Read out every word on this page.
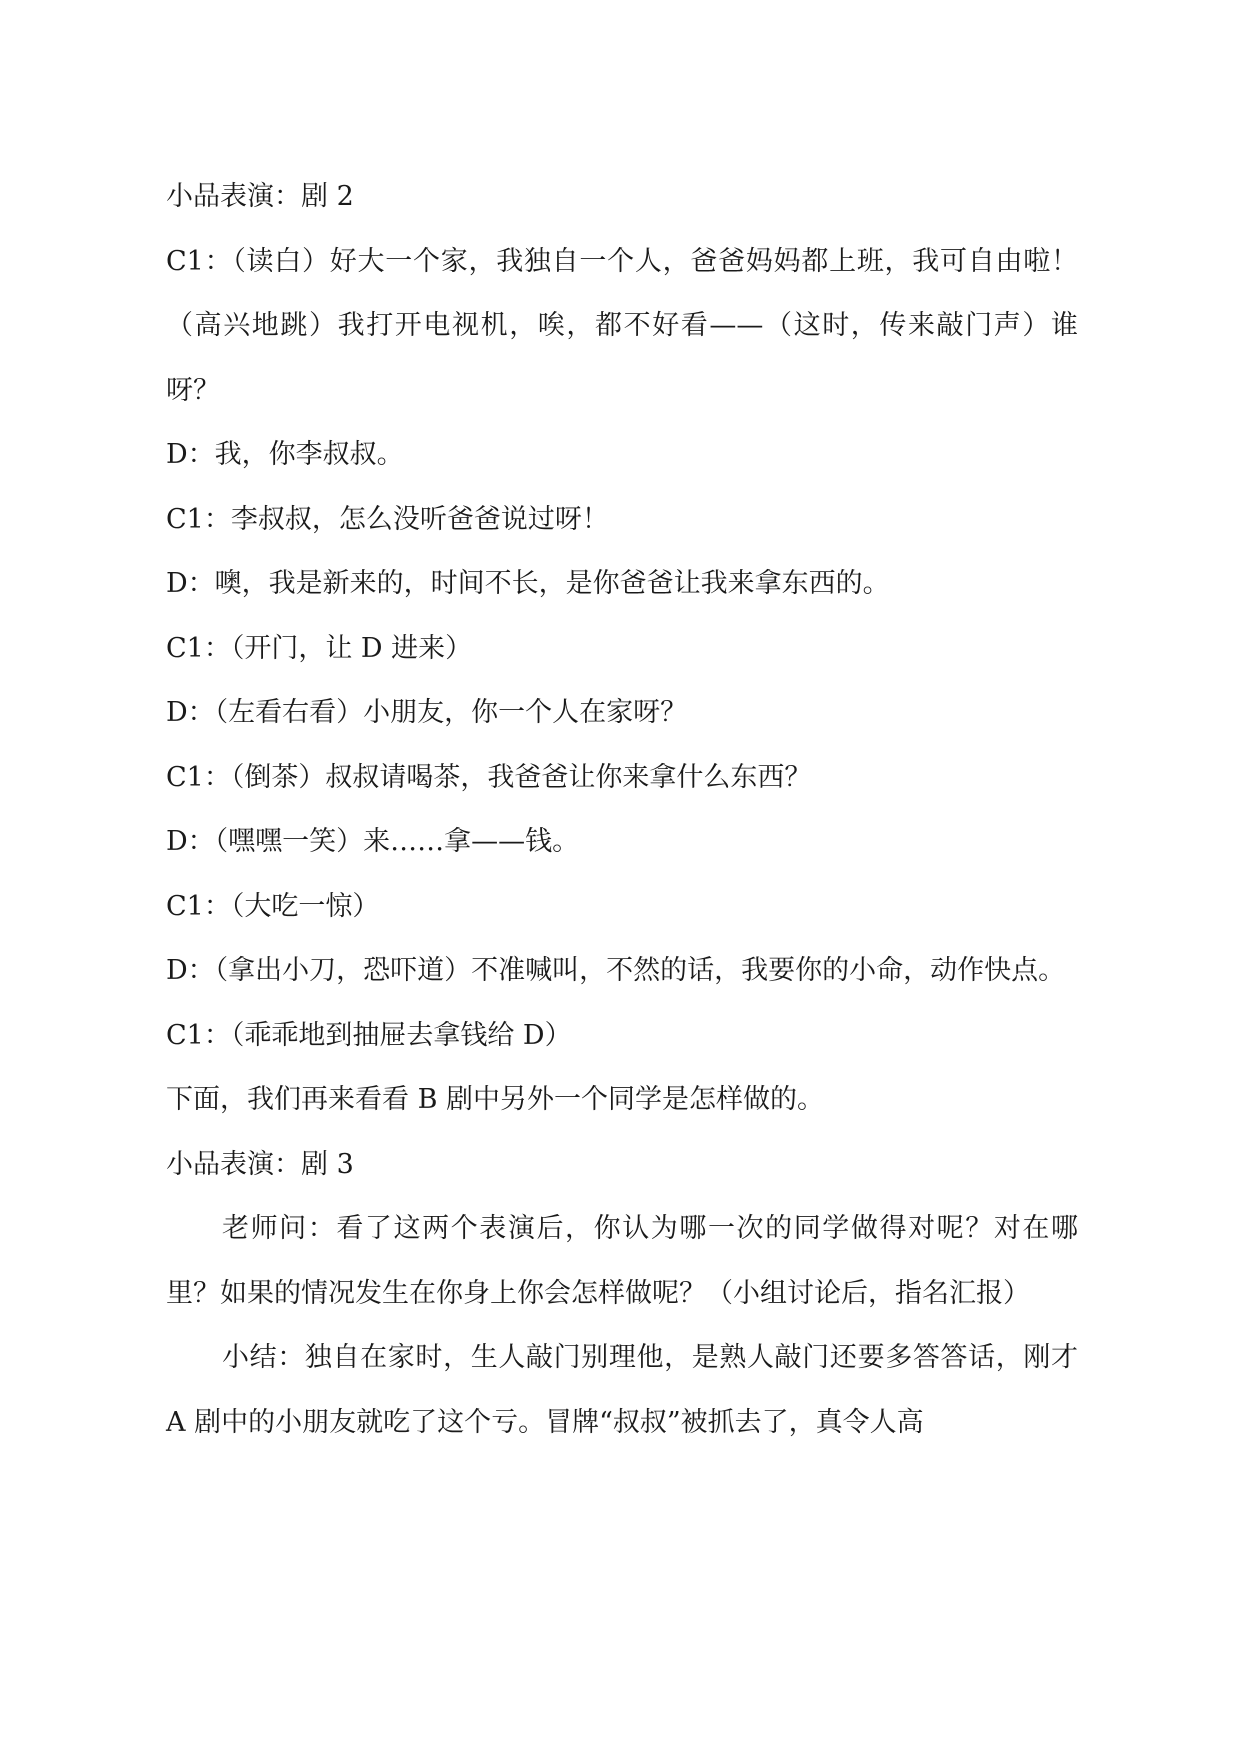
小品表演：剧 2

C1：（读白）好大一个家，我独自一个人，爸爸妈妈都上班，我可自由啦！（高兴地跳）我打开电视机，唉，都不好看——（这时，传来敲门声）谁呀？

D：我，你李叔叔。

C1：李叔叔，怎么没听爸爸说过呀！

D：噢，我是新来的，时间不长，是你爸爸让我来拿东西的。

C1：（开门，让 D 进来）

D：（左看右看）小朋友，你一个人在家呀？

C1：（倒茶）叔叔请喝茶，我爸爸让你来拿什么东西？

D：（嘿嘿一笑）来……拿——钱。

C1：（大吃一惊）

D：（拿出小刀，恐吓道）不准喊叫，不然的话，我要你的小命，动作快点。

C1：（乖乖地到抽屉去拿钱给 D）

下面，我们再来看看 B 剧中另外一个同学是怎样做的。

小品表演：剧 3

老师问：看了这两个表演后，你认为哪一次的同学做得对呢？对在哪里？如果的情况发生在你身上你会怎样做呢？（小组讨论后，指名汇报）

小结：独自在家时，生人敲门别理他，是熟人敲门还要多答答话，刚才 A 剧中的小朋友就吃了这个亏。冒牌“叔叔”被抓去了，真令人高
